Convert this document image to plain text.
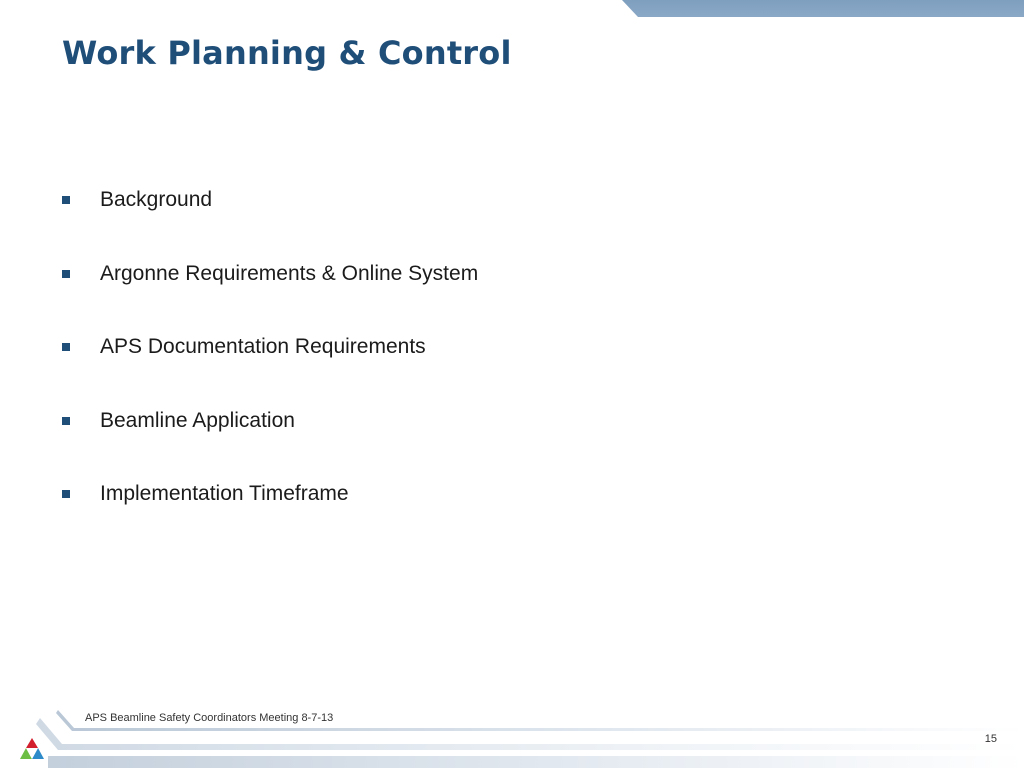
Work Planning & Control
Background
Argonne Requirements & Online System
APS Documentation Requirements
Beamline Application
Implementation Timeframe
APS Beamline Safety Coordinators Meeting 8-7-13
15
